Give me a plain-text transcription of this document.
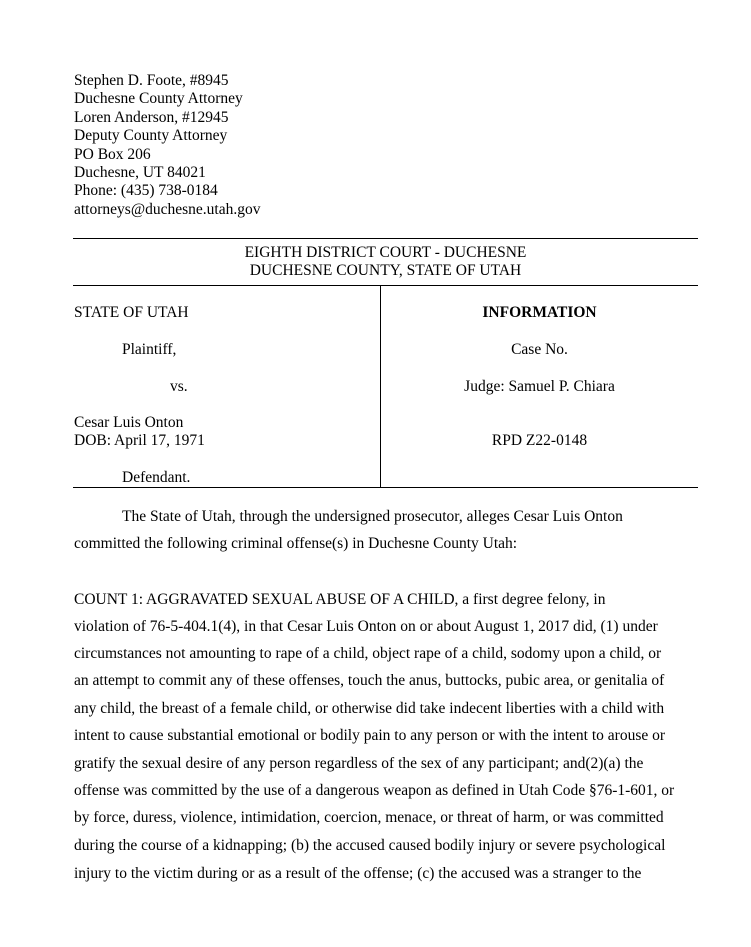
Stephen D. Foote, #8945
Duchesne County Attorney
Loren Anderson, #12945
Deputy County Attorney
PO Box 206
Duchesne, UT 84021
Phone: (435) 738-0184
attorneys@duchesne.utah.gov
EIGHTH DISTRICT COURT - DUCHESNE
DUCHESNE COUNTY, STATE OF UTAH
STATE OF UTAH
Plaintiff,
vs.
Cesar Luis Onton
DOB: April 17, 1971
Defendant.
INFORMATION
Case No.
Judge: Samuel P. Chiara
RPD Z22-0148
The State of Utah, through the undersigned prosecutor, alleges Cesar Luis Onton
committed the following criminal offense(s) in Duchesne County Utah:
COUNT 1: AGGRAVATED SEXUAL ABUSE OF A CHILD, a first degree felony, in
violation of 76-5-404.1(4), in that Cesar Luis Onton on or about August 1, 2017 did, (1) under
circumstances not amounting to rape of a child, object rape of a child, sodomy upon a child, or
an attempt to commit any of these offenses, touch the anus, buttocks, pubic area, or genitalia of
any child, the breast of a female child, or otherwise did take indecent liberties with a child with
intent to cause substantial emotional or bodily pain to any person or with the intent to arouse or
gratify the sexual desire of any person regardless of the sex of any participant; and(2)(a) the
offense was committed by the use of a dangerous weapon as defined in Utah Code §76-1-601, or
by force, duress, violence, intimidation, coercion, menace, or threat of harm, or was committed
during the course of a kidnapping; (b) the accused caused bodily injury or severe psychological
injury to the victim during or as a result of the offense; (c) the accused was a stranger to the
